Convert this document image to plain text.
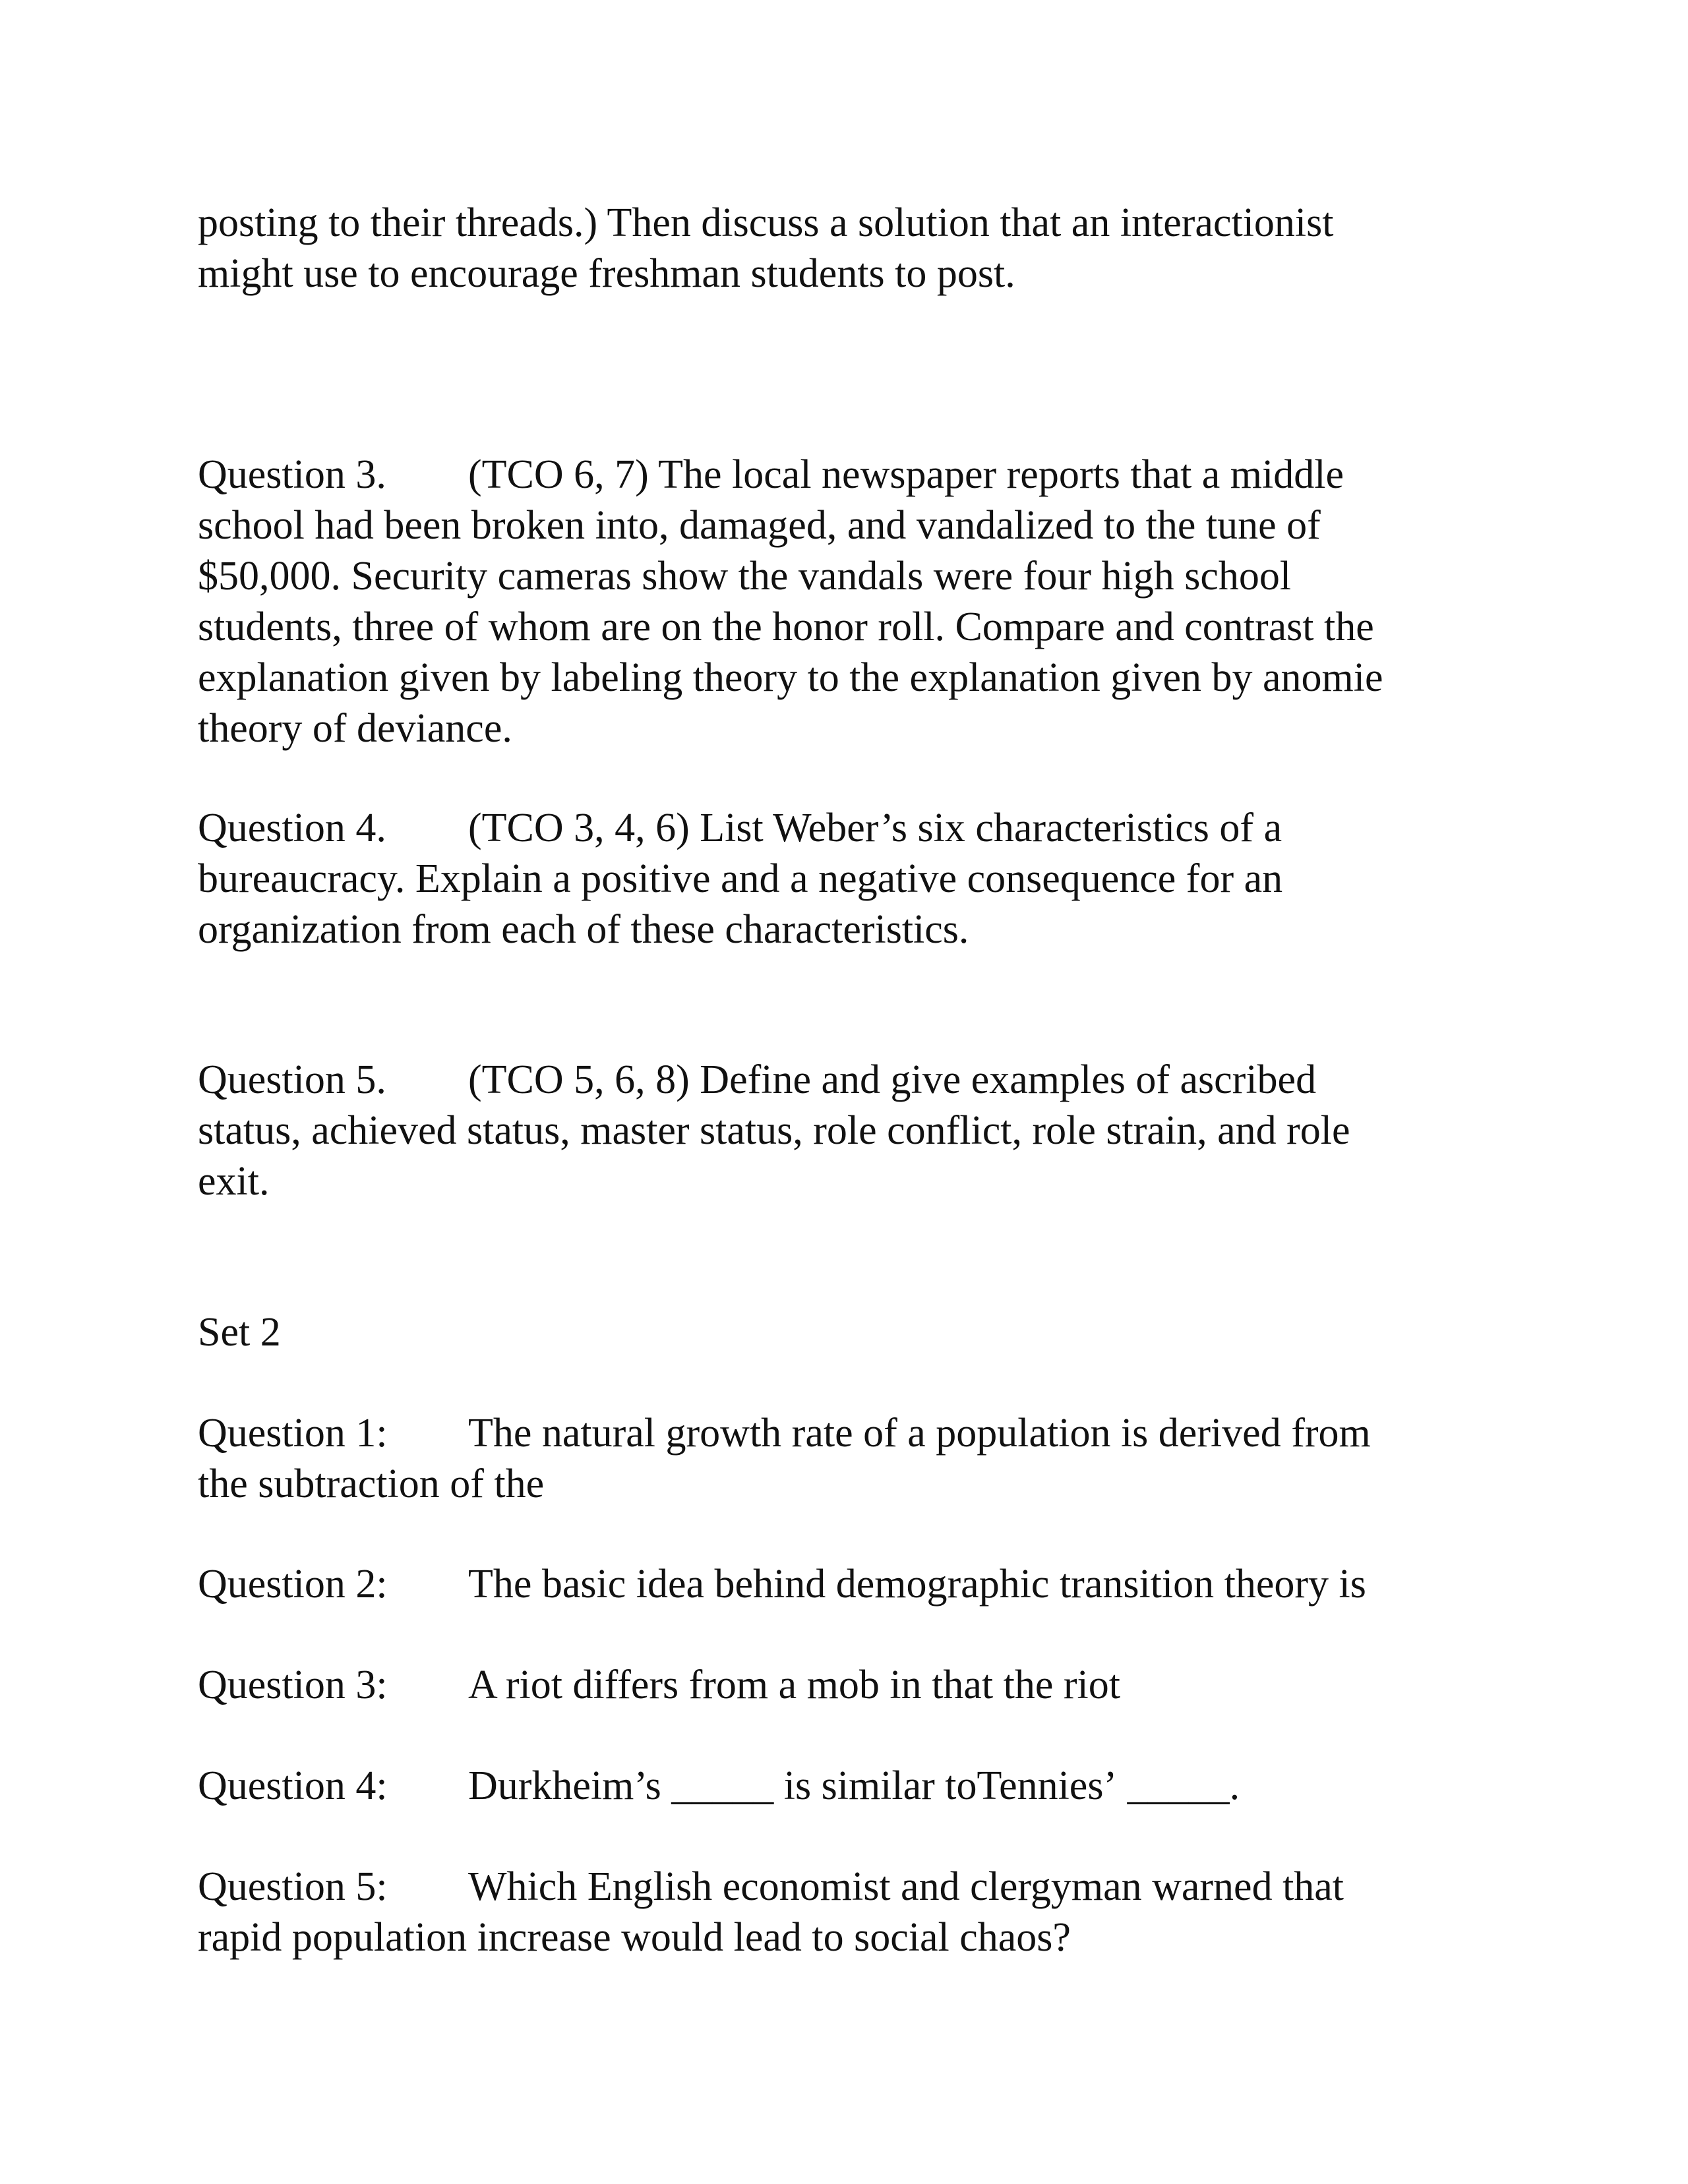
posting to their threads.) Then discuss a solution that an interactionist
might use to encourage freshman students to post.
Question 3. (TCO 6, 7) The local newspaper reports that a middle
school had been broken into, damaged, and vandalized to the tune of
$50,000. Security cameras show the vandals were four high school
students, three of whom are on the honor roll. Compare and contrast the
explanation given by labeling theory to the explanation given by anomie
theory of deviance.
Question 4. (TCO 3, 4, 6) List Weber’s six characteristics of a
bureaucracy. Explain a positive and a negative consequence for an
organization from each of these characteristics.
Question 5. (TCO 5, 6, 8) Define and give examples of ascribed
status, achieved status, master status, role conflict, role strain, and role
exit.
Set 2
Question 1: The natural growth rate of a population is derived from
the subtraction of the
Question 2: The basic idea behind demographic transition theory is
Question 3: A riot differs from a mob in that the riot
Question 4: Durkheim’s _____ is similar toTennies’ _____.
Question 5: Which English economist and clergyman warned that
rapid population increase would lead to social chaos?
